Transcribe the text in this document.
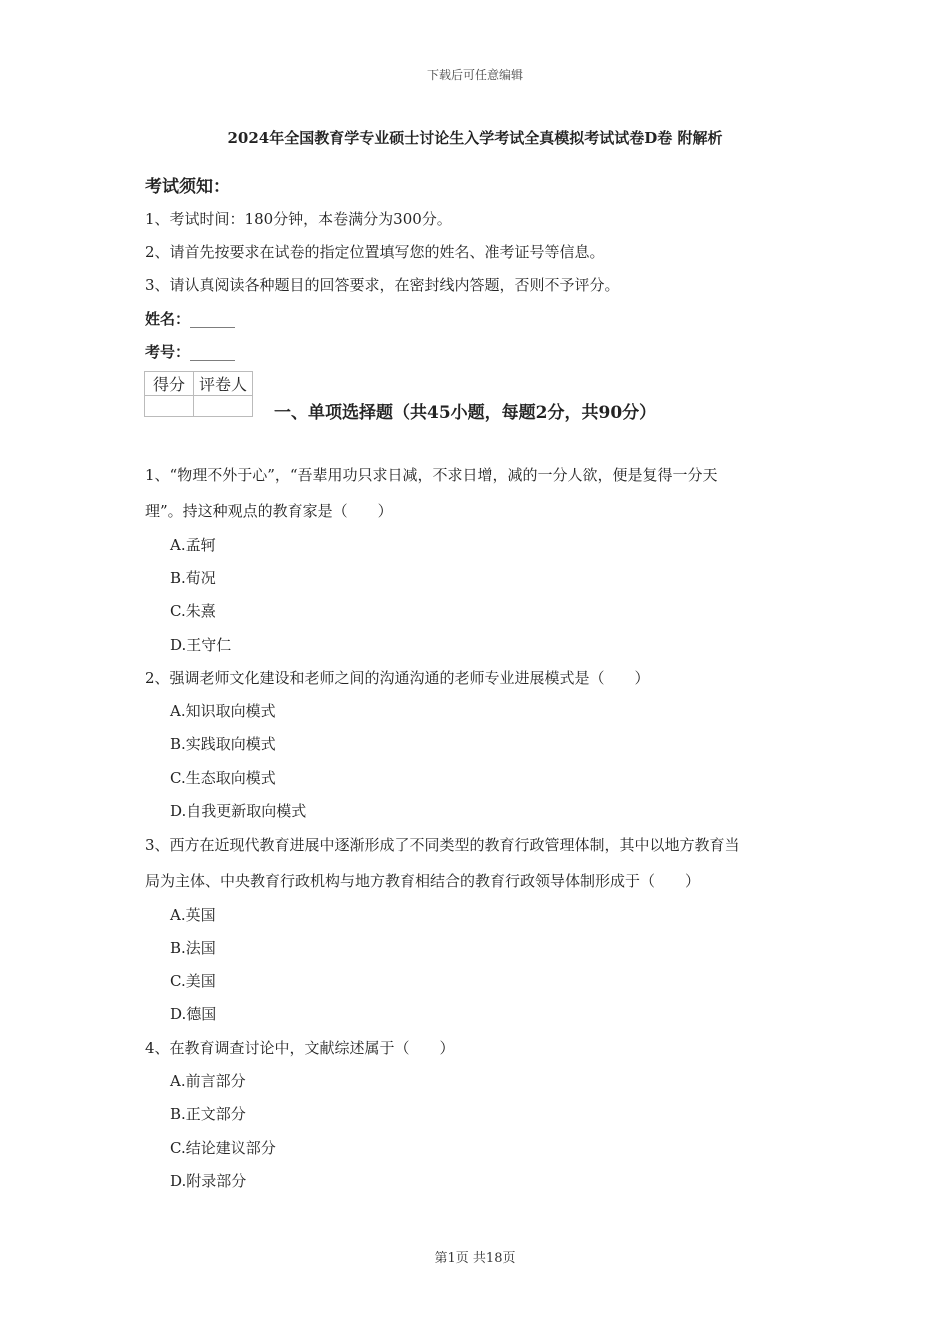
下载后可任意编辑
2024年全国教育学专业硕士讨论生入学考试全真模拟考试试卷D卷 附解析
考试须知：
1、考试时间：180分钟，本卷满分为300分。
2、请首先按要求在试卷的指定位置填写您的姓名、准考证号等信息。
3、请认真阅读各种题目的回答要求，在密封线内答题，否则不予评分。
姓名：______
考号：______
得分	评卷人

一、单项选择题（共45小题，每题2分，共90分）
1、“物理不外于心”，“吾辈用功只求日减，不求日增，减的一分人欲，便是复得一分天
理”。持这种观点的教育家是（　　）
A.孟轲
B.荀况
C.朱熹
D.王守仁
2、强调老师文化建设和老师之间的沟通沟通的老师专业进展模式是（　　）
A.知识取向模式
B.实践取向模式
C.生态取向模式
D.自我更新取向模式
3、西方在近现代教育进展中逐渐形成了不同类型的教育行政管理体制，其中以地方教育当
局为主体、中央教育行政机构与地方教育相结合的教育行政领导体制形成于（　　）
A.英国
B.法国
C.美国
D.德国
4、在教育调查讨论中，文献综述属于（　　）
A.前言部分
B.正文部分
C.结论建议部分
D.附录部分
第1页 共18页
